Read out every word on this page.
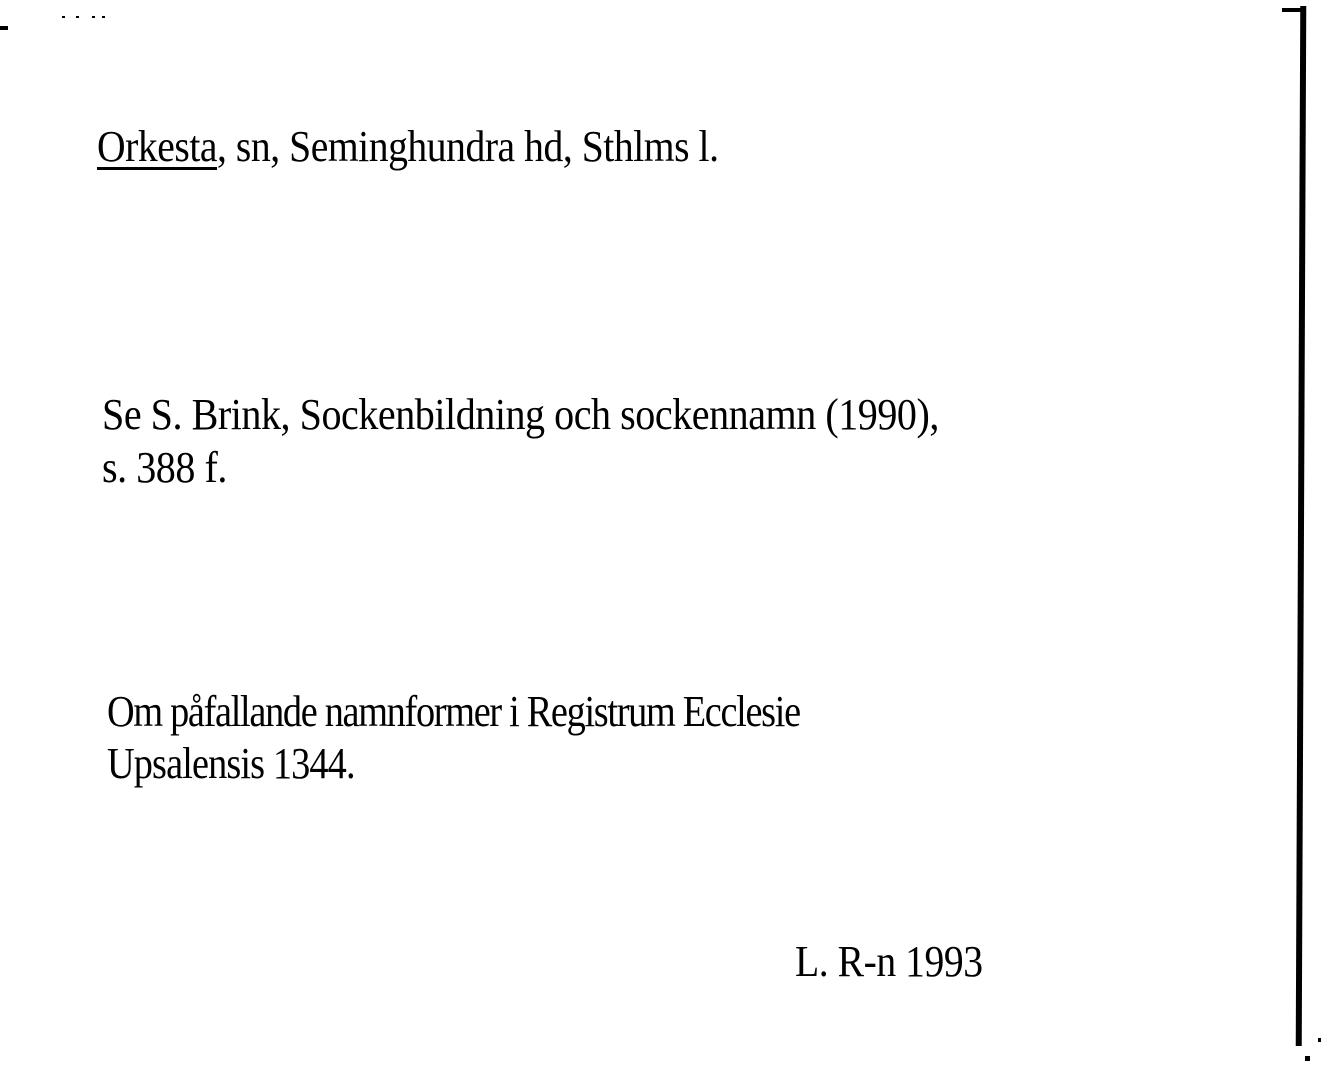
Orkesta, sn, Seminghundra hd, Sthlms l.

Se S. Brink, Sockenbildning och sockennamn (1990),

s. 388 f.

Om påfallande namnformer i Registrum Ecclesie

Upsalensis 1344.

L. R-n 1993
